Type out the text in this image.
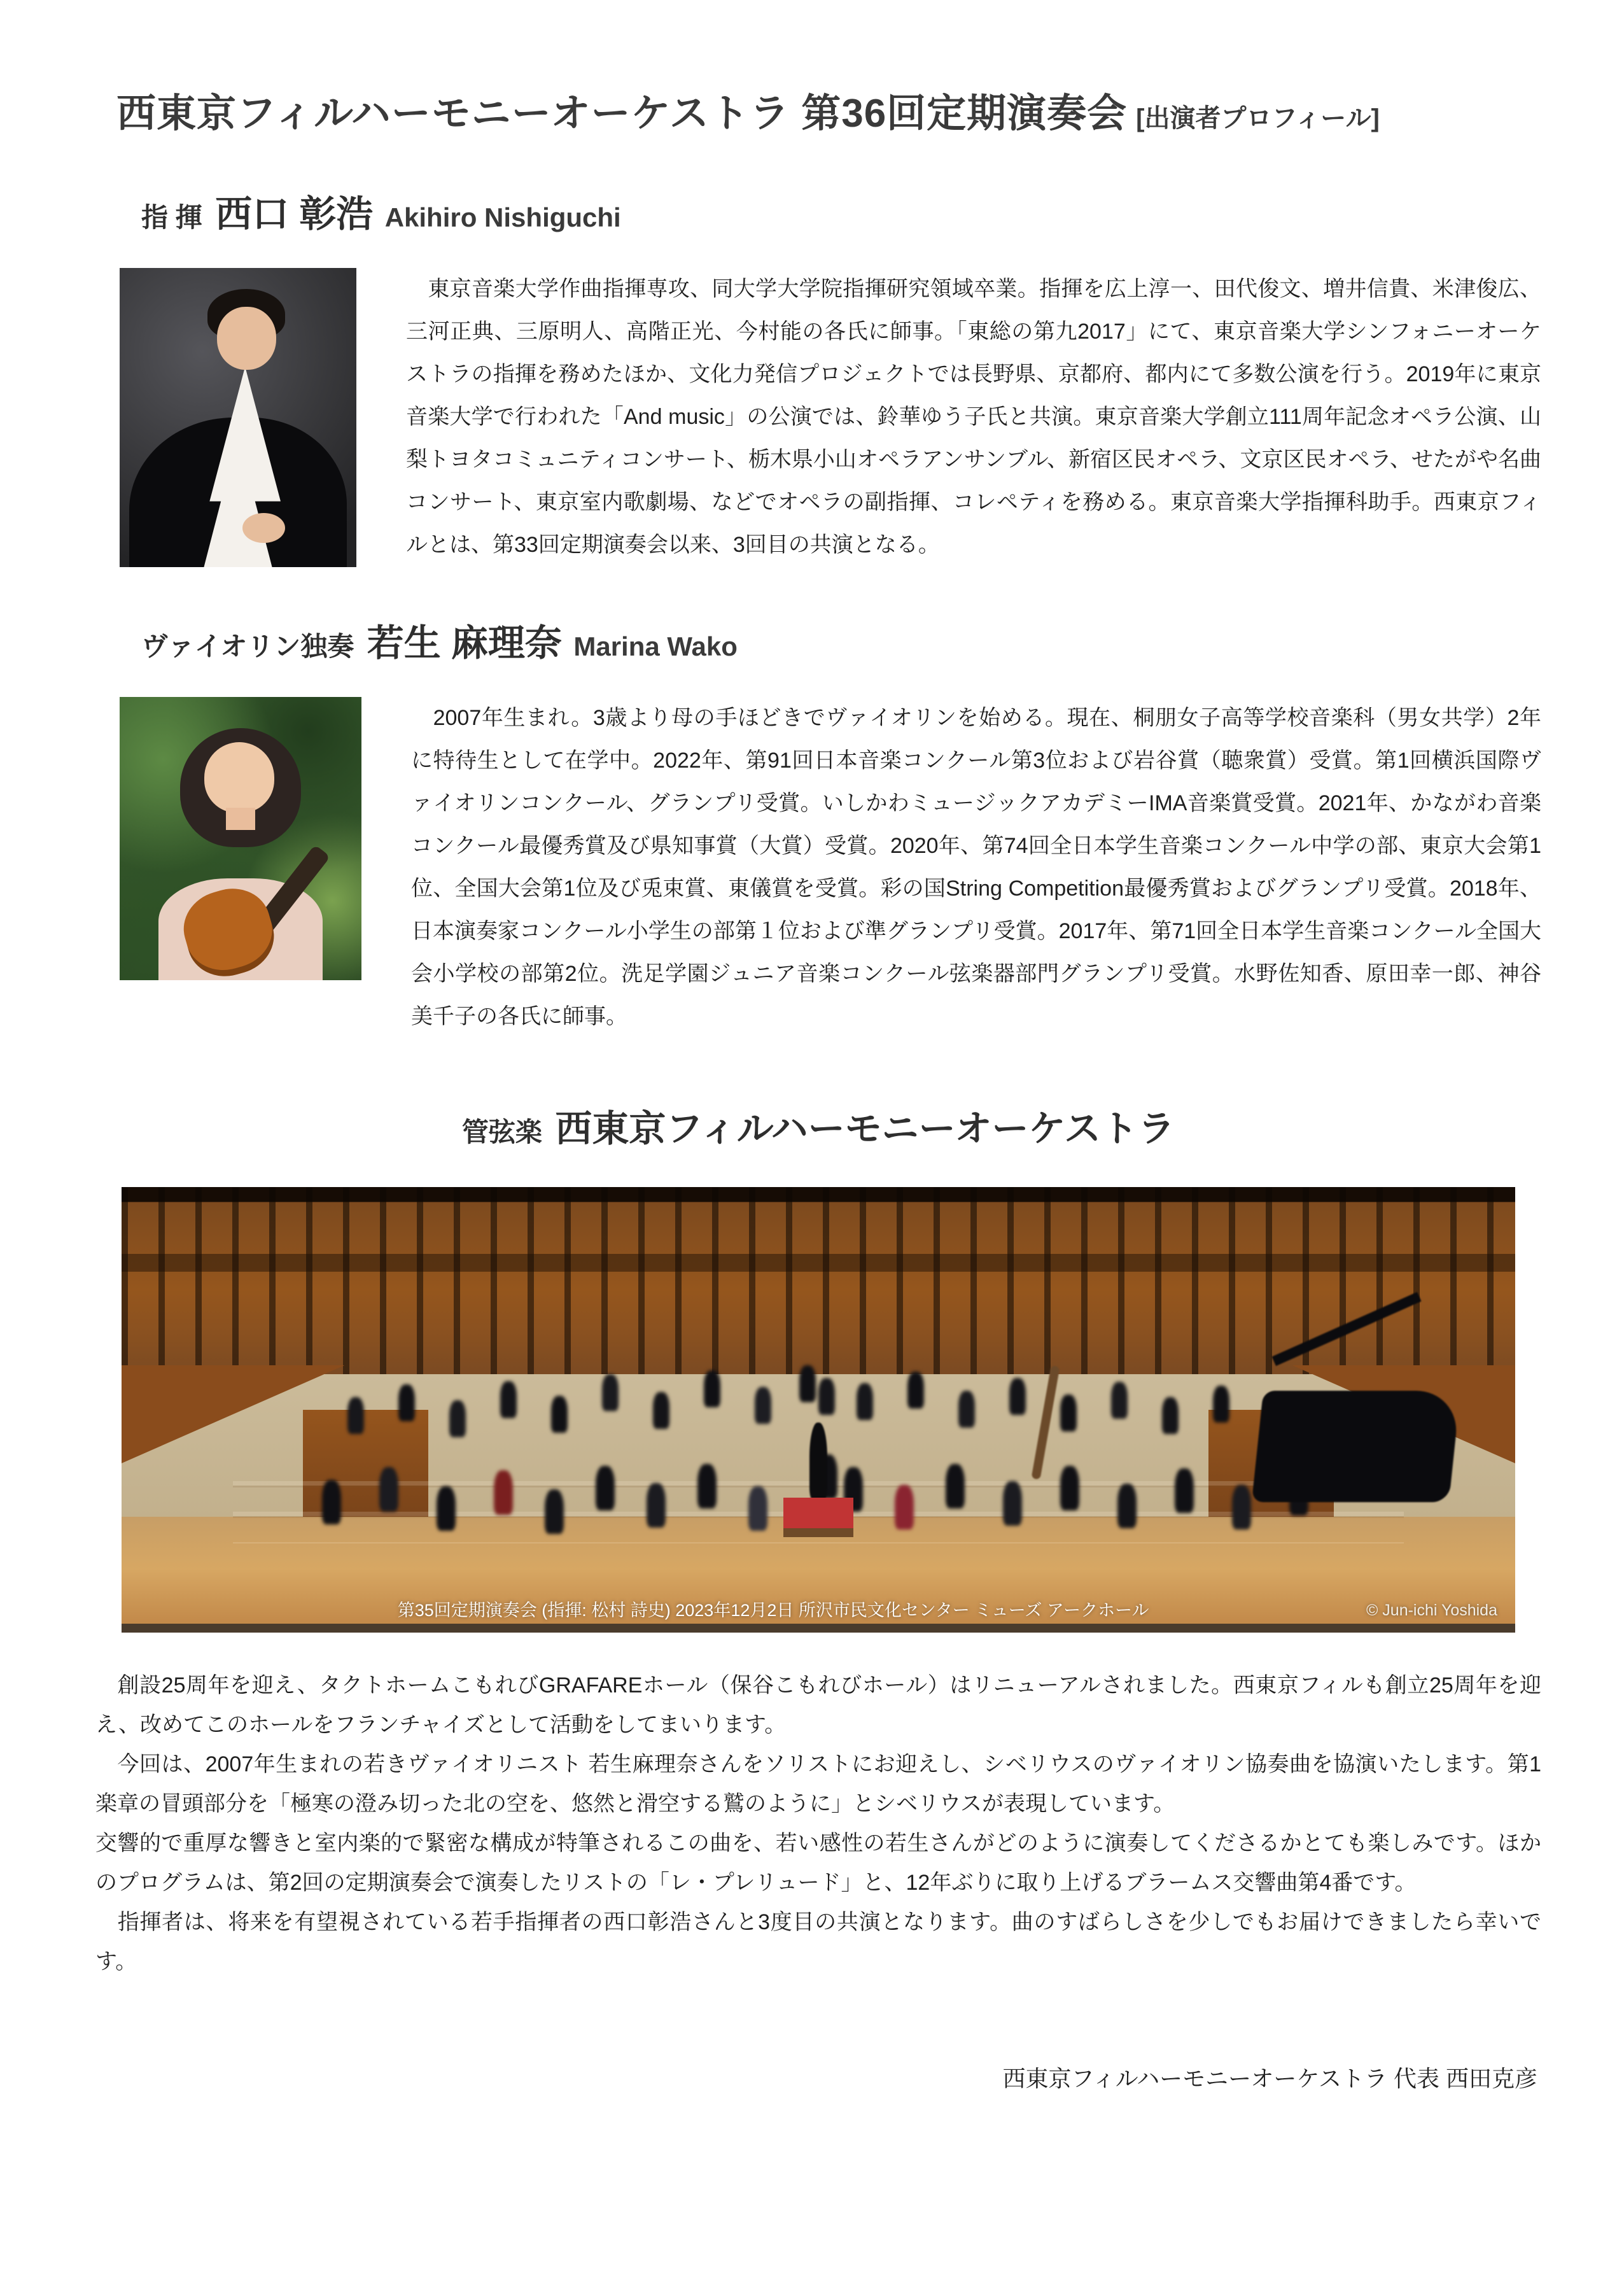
西東京フィルハーモニーオーケストラ 第36回定期演奏会 [出演者プロフィール]
指 揮 西口 彰浩 Akihiro Nishiguchi
　東京音楽大学作曲指揮専攻、同大学大学院指揮研究領域卒業。指揮を広上淳一、田代俊文、増井信貴、米津俊広、三河正典、三原明人、高階正光、今村能の各氏に師事。「東総の第九2017」にて、東京音楽大学シンフォニーオーケストラの指揮を務めたほか、文化力発信プロジェクトでは長野県、京都府、都内にて多数公演を行う。2019年に東京音楽大学で行われた「And music」の公演では、鈴華ゆう子氏と共演。東京音楽大学創立111周年記念オペラ公演、山梨トヨタコミュニティコンサート、栃木県小山オペラアンサンブル、新宿区民オペラ、文京区民オペラ、せたがや名曲コンサート、東京室内歌劇場、などでオペラの副指揮、コレペティを務める。東京音楽大学指揮科助手。西東京フィルとは、第33回定期演奏会以来、3回目の共演となる。
ヴァイオリン独奏 若生 麻理奈 Marina Wako
　2007年生まれ。3歳より母の手ほどきでヴァイオリンを始める。現在、桐朋女子高等学校音楽科（男女共学）2年に特待生として在学中。2022年、第91回日本音楽コンクール第3位および岩谷賞（聴衆賞）受賞。第1回横浜国際ヴァイオリンコンクール、グランプリ受賞。いしかわミュージックアカデミーIMA音楽賞受賞。2021年、かながわ音楽コンクール最優秀賞及び県知事賞（大賞）受賞。2020年、第74回全日本学生音楽コンクール中学の部、東京大会第1位、全国大会第1位及び兎束賞、東儀賞を受賞。彩の国String Competition最優秀賞およびグランプリ受賞。2018年、日本演奏家コンクール小学生の部第１位および準グランプリ受賞。2017年、第71回全日本学生音楽コンクール全国大会小学校の部第2位。洗足学園ジュニア音楽コンクール弦楽器部門グランプリ受賞。水野佐知香、原田幸一郎、神谷美千子の各氏に師事。
管弦楽 西東京フィルハーモニーオーケストラ
第35回定期演奏会 (指揮: 松村 詩史) 2023年12月2日 所沢市民文化センター ミューズ アークホール	© Jun-ichi Yoshida

　創設25周年を迎え、タクトホームこもれびGRAFAREホール（保谷こもれびホール）はリニューアルされました。西東京フィルも創立25周年を迎え、改めてこのホールをフランチャイズとして活動をしてまいります。

　今回は、2007年生まれの若きヴァイオリニスト 若生麻理奈さんをソリストにお迎えし、シベリウスのヴァイオリン協奏曲を協演いたします。第1楽章の冒頭部分を「極寒の澄み切った北の空を、悠然と滑空する鷲のように」とシベリウスが表現しています。

交響的で重厚な響きと室内楽的で緊密な構成が特筆されるこの曲を、若い感性の若生さんがどのように演奏してくださるかとても楽しみです。ほかのプログラムは、第2回の定期演奏会で演奏したリストの「レ・プレリュード」と、12年ぶりに取り上げるブラームス交響曲第4番です。

　指揮者は、将来を有望視されている若手指揮者の西口彰浩さんと3度目の共演となります。曲のすばらしさを少しでもお届けできましたら幸いです。

西東京フィルハーモニーオーケストラ 代表 西田克彦
